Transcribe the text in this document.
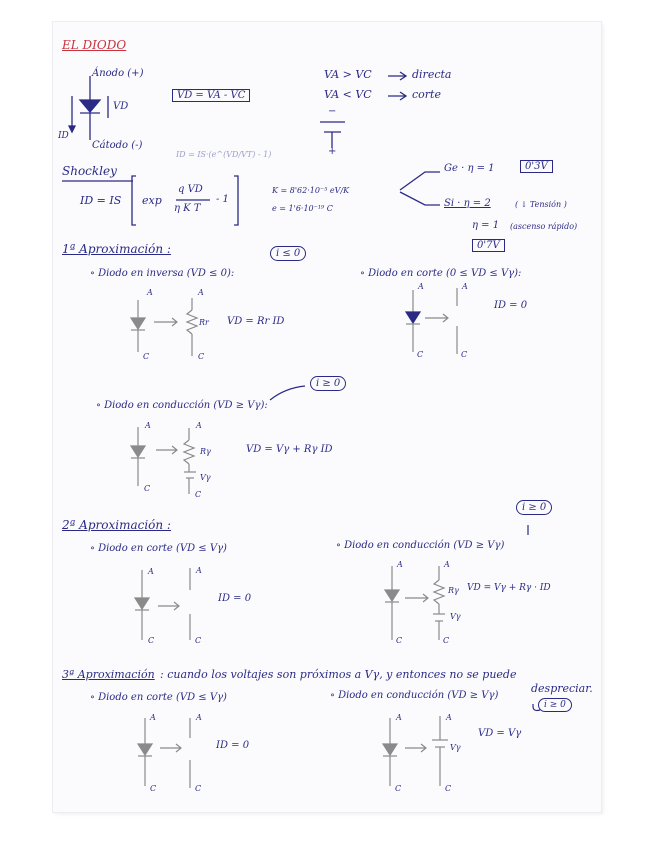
EL DIODO
Ánodo (+)
Cátodo (-)
VD
ID
VD = VA - VC
VA > VC	directa
VA < VC	corte
−
+
Shockley
ID = IS·(e^(VD/VT) - 1)
ID = IS exp
q VD
η K T
- 1
K = 8'62·10⁻⁵ eV/K
e = 1'6·10⁻¹⁹ C
Ge · η = 1	0'3V
Si · η = 2	( ↓ Tensión )
η = 1 (ascenso rápido)
0'7V
1ª Aproximación :
∘ Diodo en inversa (VD ≤ 0):
i ≤ 0
VD = Rr ID
Rr
∘ Diodo en corte (0 ≤ VD ≤ Vγ):
ID = 0
∘ Diodo en conducción (VD ≥ Vγ):
i ≥ 0
VD = Vγ + Rγ ID
Rγ
Vγ
2ª Aproximación :
∘ Diodo en corte (VD ≤ Vγ)
ID = 0
∘ Diodo en conducción (VD ≥ Vγ)
i ≥ 0
VD = Vγ + Rγ · ID
Rγ
Vγ
3ª Aproximación : cuando los voltajes son próximos a Vγ, y entonces no se puede
despreciar.
∘ Diodo en corte (VD ≤ Vγ)
ID = 0
∘ Diodo en conducción (VD ≥ Vγ)
i ≥ 0
VD = Vγ
Vγ
A	A
C	C
A	A
C	C
A	A
C
C
A	A
C	C
A	A
C	C
A	A
C	C
A	A
C	C
